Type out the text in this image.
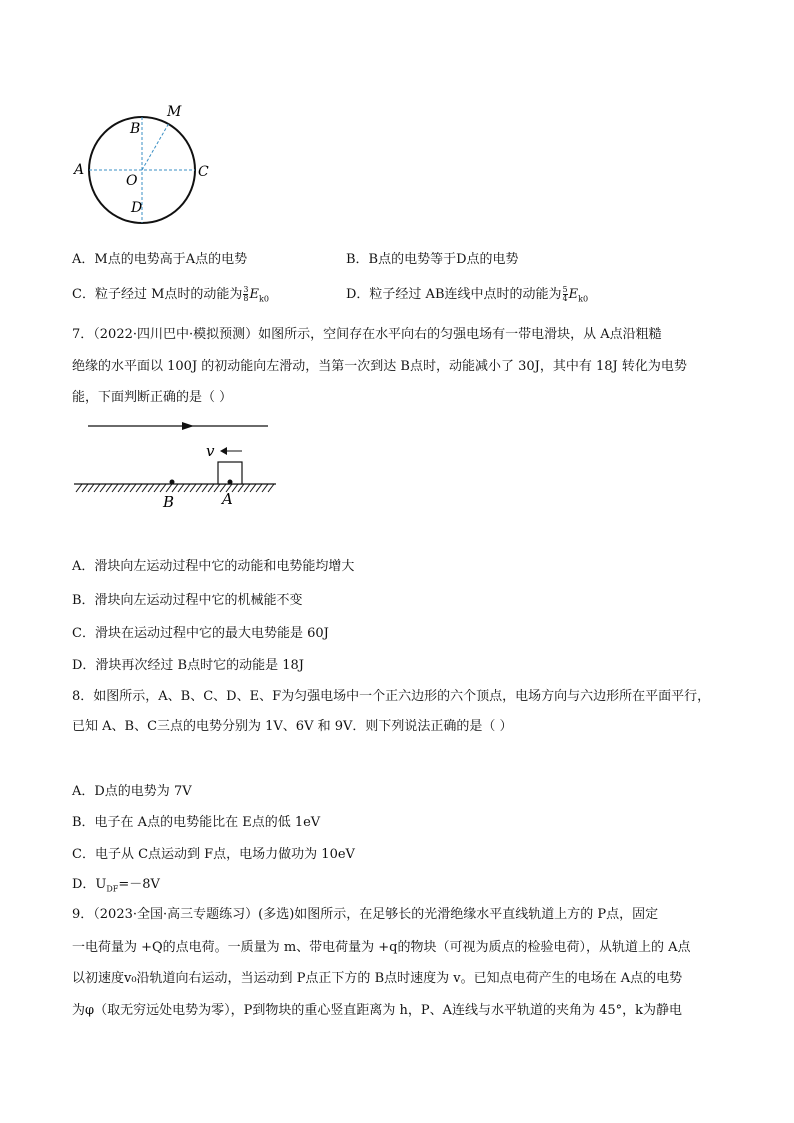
M
B
A
O
C
D
A．M点的电势高于A点的电势	B．B点的电势等于D点的电势
C．粒子经过 M点时的动能为 $\frac{3}{8} E_{k0}$	D．粒子经过 AB连线中点时的动能为 $\frac{5}{4} E_{k0}$
7．（2022·四川巴中·模拟预测）如图所示，空间存在水平向右的匀强电场有一带电滑块，从 A点沿粗糙
绝缘的水平面以 100J 的初动能向左滑动，当第一次到达 B点时，动能减小了 30J，其中有 18J 转化为电势
能，下面判断正确的是（ ）
v
B	A
A．滑块向左运动过程中它的动能和电势能均增大
B．滑块向左运动过程中它的机械能不变
C．滑块在运动过程中它的最大电势能是 60J
D．滑块再次经过 B点时它的动能是 18J
8．如图所示，A、B、C、D、E、F为匀强电场中一个正六边形的六个顶点，电场方向与六边形所在平面平行，
已知 A、B、C三点的电势分别为 1V、6V 和 9V．则下列说法正确的是（ ）
A．D点的电势为 7V
B．电子在 A点的电势能比在 E点的低 1eV
C．电子从 C点运动到 F点，电场力做功为 10eV
D．$U_{DF}=-8V$
9．（2023·全国·高三专题练习）(多选)如图所示，在足够长的光滑绝缘水平直线轨道上方的 P点，固定
一电荷量为 +Q的点电荷。一质量为 m、带电荷量为 +q的物块（可视为质点的检验电荷），从轨道上的 A点
以初速度v₀沿轨道向右运动，当运动到 P点正下方的 B点时速度为 v。已知点电荷产生的电场在 A点的电势
为φ（取无穷远处电势为零），P到物块的重心竖直距离为 h，P、A连线与水平轨道的夹角为 45°，k为静电
